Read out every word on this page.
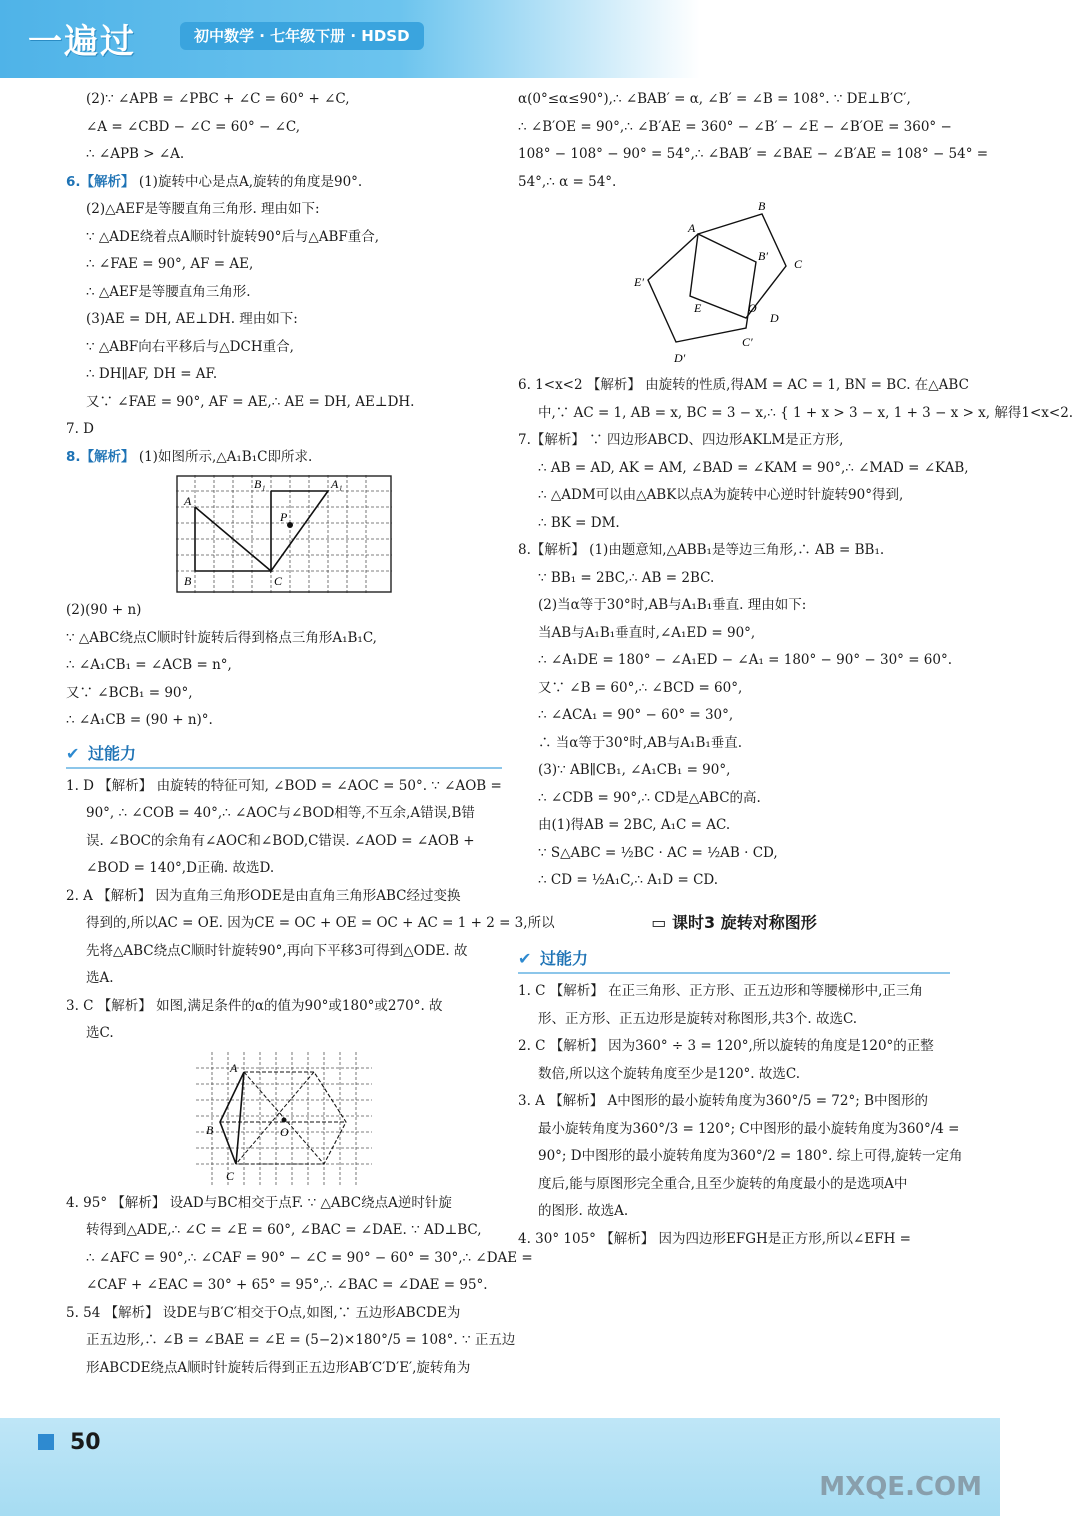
一遍过	初中数学 · 七年级下册 · HDSD
(2)∵ ∠APB = ∠PBC + ∠C = 60° + ∠C,
∠A = ∠CBD − ∠C = 60° − ∠C,
∴ ∠APB > ∠A.
6.【解析】 (1)旋转中心是点A,旋转的角度是90°.
(2)△AEF是等腰直角三角形. 理由如下:
∵ △ADE绕着点A顺时针旋转90°后与△ABF重合,
∴ ∠FAE = 90°, AF = AE,
∴ △AEF是等腰直角三角形.
(3)AE = DH, AE⊥DH. 理由如下:
∵ △ABF向右平移后与△DCH重合,
∴ DH∥AF, DH = AF.
又∵ ∠FAE = 90°, AF = AE,∴ AE = DH, AE⊥DH.
7. D
8.【解析】 (1)如图所示,△A₁B₁C即所求.
A
B₁	A₁
P
B	C
(2)(90 + n)
∵ △ABC绕点C顺时针旋转后得到格点三角形A₁B₁C,
∴ ∠A₁CB₁ = ∠ACB = n°,
又∵ ∠BCB₁ = 90°,
∴ ∠A₁CB = (90 + n)°.
✔ 过能力
1. D 【解析】 由旋转的特征可知, ∠BOD = ∠AOC = 50°. ∵ ∠AOB =
90°, ∴ ∠COB = 40°,∴ ∠AOC与∠BOD相等,不互余,A错误,B错
误. ∠BOC的余角有∠AOC和∠BOD,C错误. ∠AOD = ∠AOB +
∠BOD = 140°,D正确. 故选D.
2. A 【解析】 因为直角三角形ODE是由直角三角形ABC经过变换
得到的,所以AC = OE. 因为CE = OC + OE = OC + AC = 1 + 2 = 3,所以
先将△ABC绕点C顺时针旋转90°,再向下平移3可得到△ODE. 故
选A.
3. C 【解析】 如图,满足条件的α的值为90°或180°或270°. 故
选C.
A
B
C
O
4. 95° 【解析】 设AD与BC相交于点F. ∵ △ABC绕点A逆时针旋
转得到△ADE,∴ ∠C = ∠E = 60°, ∠BAC = ∠DAE. ∵ AD⊥BC,
∴ ∠AFC = 90°,∴ ∠CAF = 90° − ∠C = 90° − 60° = 30°,∴ ∠DAE =
∠CAF + ∠EAC = 30° + 65° = 95°,∴ ∠BAC = ∠DAE = 95°.
5. 54 【解析】 设DE与B′C′相交于O点,如图,∵ 五边形ABCDE为
正五边形,∴ ∠B = ∠BAE = ∠E = (5−2)×180°/5 = 108°. ∵ 正五边
形ABCDE绕点A顺时针旋转后得到正五边形AB′C′D′E′,旋转角为
α(0°≤α≤90°),∴ ∠BAB′ = α, ∠B′ = ∠B = 108°. ∵ DE⊥B′C′,
∴ ∠B′OE = 90°,∴ ∠B′AE = 360° − ∠B′ − ∠E − ∠B′OE = 360° −
108° − 108° − 90° = 54°,∴ ∠BAB′ = ∠BAE − ∠B′AE = 108° − 54° =
54°,∴ α = 54°.
A
B
C
D
E
B′
C′
D′
E′
O
6. 1<x<2 【解析】 由旋转的性质,得AM = AC = 1, BN = BC. 在△ABC
中,∵ AC = 1, AB = x, BC = 3 − x,∴ { 1 + x > 3 − x, 1 + 3 − x > x, 解得1<x<2.
7.【解析】 ∵ 四边形ABCD、四边形AKLM是正方形,
∴ AB = AD, AK = AM, ∠BAD = ∠KAM = 90°,∴ ∠MAD = ∠KAB,
∴ △ADM可以由△ABK以点A为旋转中心逆时针旋转90°得到,
∴ BK = DM.
8.【解析】 (1)由题意知,△ABB₁是等边三角形,∴ AB = BB₁.
∵ BB₁ = 2BC,∴ AB = 2BC.
(2)当α等于30°时,AB与A₁B₁垂直. 理由如下:
当AB与A₁B₁垂直时,∠A₁ED = 90°,
∴ ∠A₁DE = 180° − ∠A₁ED − ∠A₁ = 180° − 90° − 30° = 60°.
又∵ ∠B = 60°,∴ ∠BCD = 60°,
∴ ∠ACA₁ = 90° − 60° = 30°,
∴ 当α等于30°时,AB与A₁B₁垂直.
(3)∵ AB∥CB₁, ∠A₁CB₁ = 90°,
∴ ∠CDB = 90°,∴ CD是△ABC的高.
由(1)得AB = 2BC, A₁C = AC.
∵ S△ABC = ½BC · AC = ½AB · CD,
∴ CD = ½A₁C,∴ A₁D = CD.
▭ 课时3 旋转对称图形
✔ 过能力
1. C 【解析】 在正三角形、正方形、正五边形和等腰梯形中,正三角
形、正方形、正五边形是旋转对称图形,共3个. 故选C.
2. C 【解析】 因为360° ÷ 3 = 120°,所以旋转的角度是120°的正整
数倍,所以这个旋转角度至少是120°. 故选C.
3. A 【解析】 A中图形的最小旋转角度为360°/5 = 72°; B中图形的
最小旋转角度为360°/3 = 120°; C中图形的最小旋转角度为360°/4 =
90°; D中图形的最小旋转角度为360°/2 = 180°. 综上可得,旋转一定角
度后,能与原图形完全重合,且至少旋转的角度最小的是选项A中
的图形. 故选A.
4. 30° 105° 【解析】 因为四边形EFGH是正方形,所以∠EFH =
50
MXQE.COM
